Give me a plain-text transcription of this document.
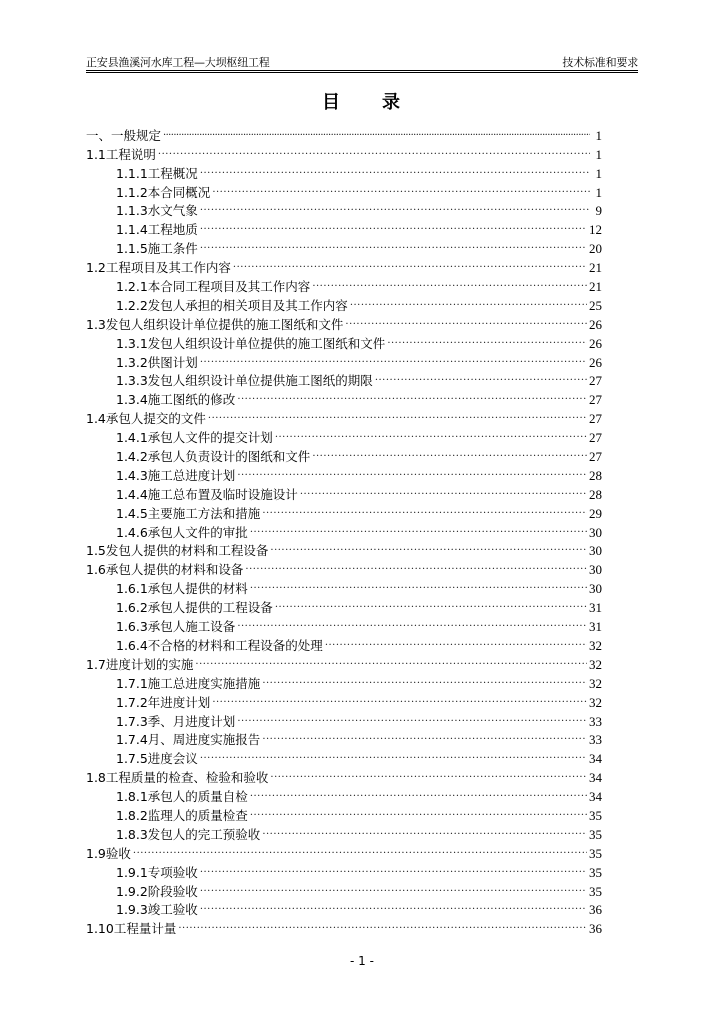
正安县渔溪河水库工程—大坝枢纽工程	技术标准和要求
目 录
一、一般规定 ·····	1
1.1工程说明 ·····	1
1.1.1工程概况 ·····	1
1.1.2本合同概况 ·····	1
1.1.3水文气象 ·····	9
1.1.4工程地质 ·····	12
1.1.5施工条件 ·····	20
1.2工程项目及其工作内容 ·····	21
1.2.1本合同工程项目及其工作内容 ·····	21
1.2.2发包人承担的相关项目及其工作内容 ·····	25
1.3发包人组织设计单位提供的施工图纸和文件 ·····	26
1.3.1发包人组织设计单位提供的施工图纸和文件 ·····	26
1.3.2供图计划 ·····	26
1.3.3发包人组织设计单位提供施工图纸的期限 ·····	27
1.3.4施工图纸的修改 ·····	27
1.4承包人提交的文件 ·····	27
1.4.1承包人文件的提交计划 ·····	27
1.4.2承包人负责设计的图纸和文件 ·····	27
1.4.3施工总进度计划 ·····	28
1.4.4施工总布置及临时设施设计 ·····	28
1.4.5主要施工方法和措施 ·····	29
1.4.6承包人文件的审批 ·····	30
1.5发包人提供的材料和工程设备 ·····	30
1.6承包人提供的材料和设备 ·····	30
1.6.1承包人提供的材料 ·····	30
1.6.2承包人提供的工程设备 ·····	31
1.6.3承包人施工设备 ·····	31
1.6.4不合格的材料和工程设备的处理 ·····	32
1.7进度计划的实施 ·····	32
1.7.1施工总进度实施措施 ·····	32
1.7.2年进度计划 ·····	32
1.7.3季、月进度计划 ·····	33
1.7.4月、周进度实施报告 ·····	33
1.7.5进度会议 ·····	34
1.8工程质量的检查、检验和验收 ·····	34
1.8.1承包人的质量自检 ·····	34
1.8.2监理人的质量检查 ·····	35
1.8.3发包人的完工预验收 ·····	35
1.9验收 ·····	35
1.9.1专项验收 ·····	35
1.9.2阶段验收 ·····	35
1.9.3竣工验收 ·····	36
1.10工程量计量 ·····	36
- 1 -
